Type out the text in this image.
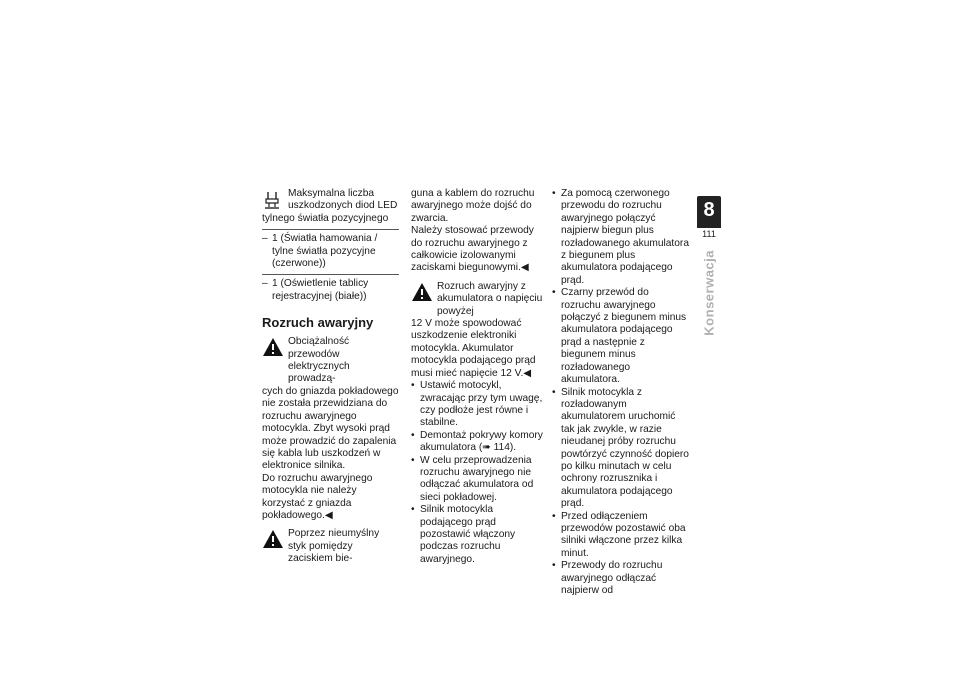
Maksymalna liczba
uszkodzonych diod LED
tylnego światła pozycyjnego

– 1 (Światła hamowania / tylne światła pozycyjne (czerwone))

– 1 (Oświetlenie tablicy rejestracyjnej (białe))

Rozruch awaryjny
Obciążalność przewodów elektrycznych prowadzą-
cych do gniazda pokładowego nie została przewidziana do rozruchu awaryjnego motocykla. Zbyt wysoki prąd może prowadzić do zapalenia się kabla lub uszkodzeń w elektronice silnika.

Do rozruchu awaryjnego motocykla nie należy korzystać z gniazda pokładowego.◀

Poprzez nieumyślny styk pomiędzy zaciskiem bie-

guna a kablem do rozruchu awaryjnego może dojść do zwarcia.

Należy stosować przewody do rozruchu awaryjnego z całkowicie izolowanymi zaciskami biegunowymi.◀

Rozruch awaryjny z akumulatora o napięciu powyżej
12 V może spowodować uszkodzenie elektroniki motocykla. Akumulator motocykla podającego prąd musi mieć napięcie 12 V.◀

• Ustawić motocykl, zwracając przy tym uwagę, czy podłoże jest równe i stabilne.

• Demontaż pokrywy komory akumulatora (➠ 114).

• W celu przeprowadzenia rozruchu awaryjnego nie odłączać akumulatora od sieci pokładowej.

• Silnik motocykla podającego prąd pozostawić włączony podczas rozruchu awaryjnego.

• Za pomocą czerwonego przewodu do rozruchu awaryjnego połączyć najpierw biegun plus rozładowanego akumulatora z biegunem plus akumulatora podającego prąd.

• Czarny przewód do rozruchu awaryjnego połączyć z biegunem minus akumulatora podającego prąd a następnie z biegunem minus rozładowanego akumulatora.

• Silnik motocykla z rozładowanym akumulatorem uruchomić tak jak zwykle, w razie nieudanej próby rozruchu powtórzyć czynność dopiero po kilku minutach w celu ochrony rozrusznika i akumulatora podającego prąd.

• Przed odłączeniem przewodów pozostawić oba silniki włączone przez kilka minut.

• Przewody do rozruchu awaryjnego odłączać najpierw od

8
111
Konserwacja
